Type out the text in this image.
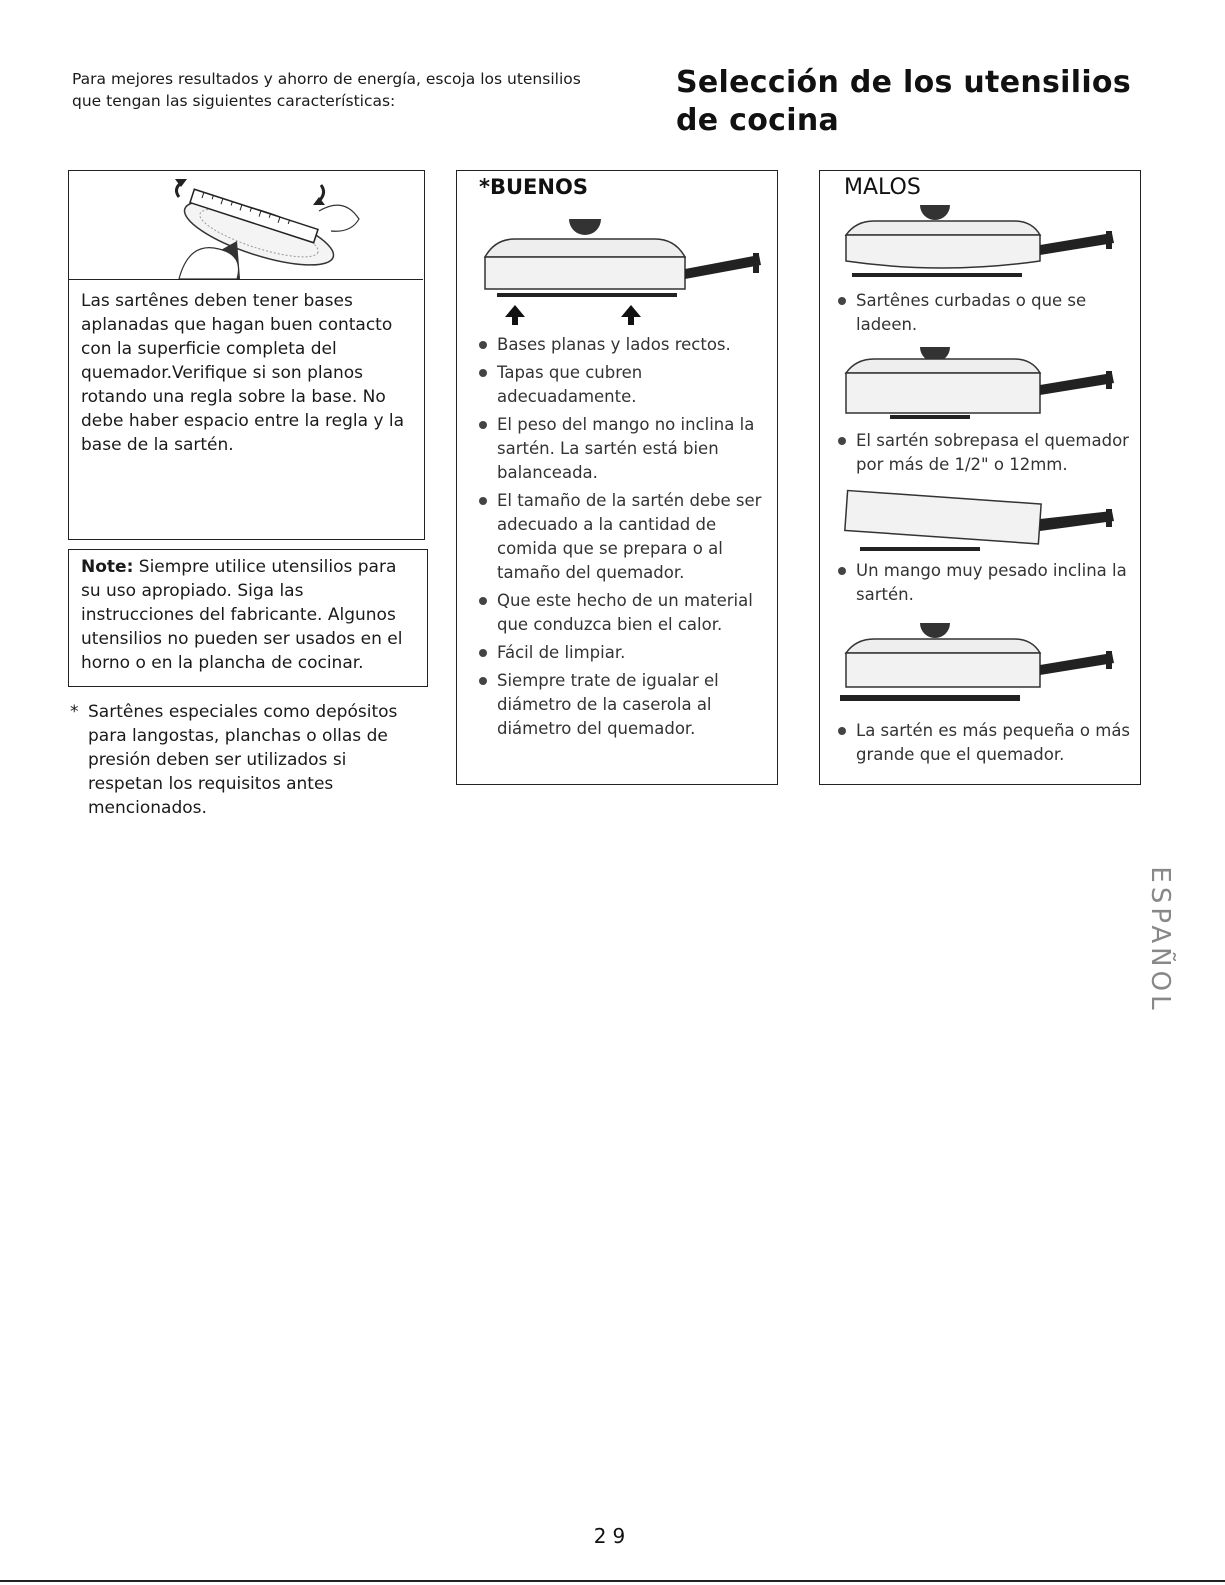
Para mejores resultados y ahorro de energía, escoja los utensilios que tengan las siguientes características:
Selección de los utensilios de cocina
Las sartênes deben tener bases aplanadas que hagan buen contacto con la superficie completa del quemador.Verifique si son planos rotando una regla sobre la base. No debe haber espacio entre la regla y la base de la sartén.
Note: Siempre utilice utensilios para su uso apropiado. Siga las instrucciones del fabricante. Algunos utensilios no pueden ser usados en el horno o en la plancha de cocinar.
* Sartênes especiales como depósitos para langostas, planchas o ollas de presión deben ser utilizados si respetan los requisitos antes mencionados.
*BUENOS
Bases planas y lados rectos.
Tapas que cubren adecuadamente.
El peso del mango no inclina la sartén. La sartén está bien balanceada.
El tamaño de la sartén debe ser adecuado a la cantidad de comida que se prepara o al tamaño del quemador.
Que este hecho de un material que conduzca bien el calor.
Fácil de limpiar.
Siempre trate de igualar el diámetro de la caserola al diámetro del quemador.
MALOS
Sartênes curbadas o que se ladeen.
El sartén sobrepasa el quemador por más de 1/2" o 12mm.
Un mango muy pesado inclina la sartén.
La sartén es más pequeña o más grande que el quemador.
ESPAÑOL
29
